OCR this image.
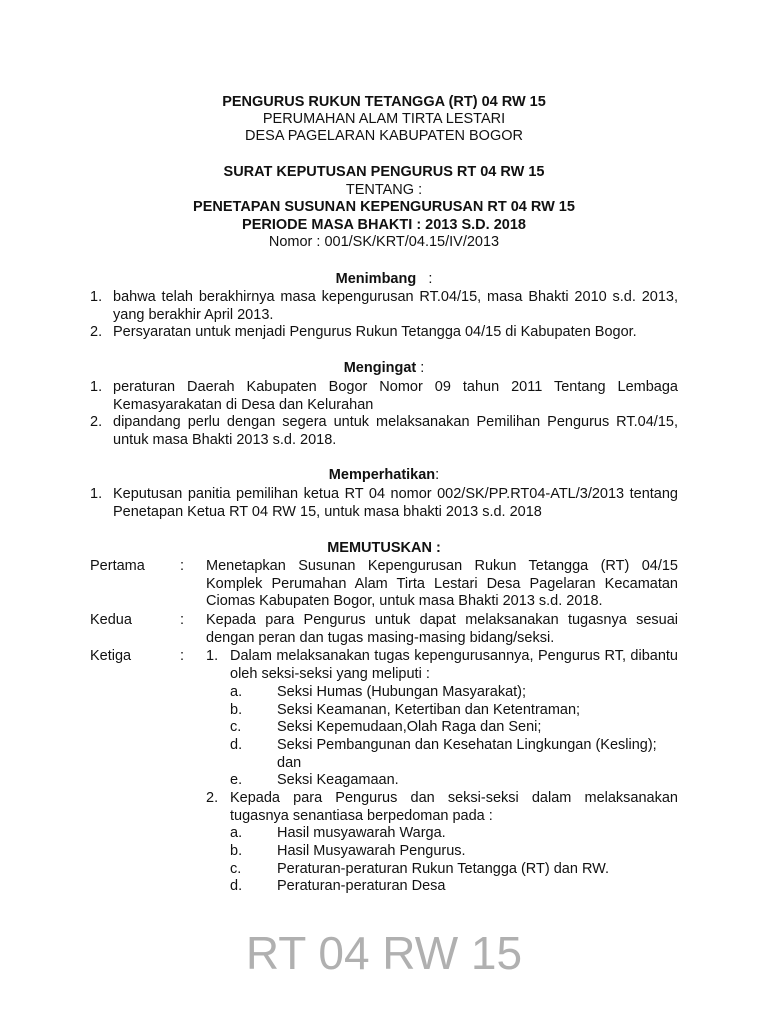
PENGURUS RUKUN TETANGGA (RT) 04 RW 15
PERUMAHAN ALAM TIRTA LESTARI
DESA PAGELARAN KABUPATEN BOGOR
SURAT KEPUTUSAN PENGURUS RT 04 RW 15
TENTANG :
PENETAPAN SUSUNAN KEPENGURUSAN RT 04 RW 15
PERIODE MASA BHAKTI : 2013 S.D. 2018
Nomor : 001/SK/KRT/04.15/IV/2013
Menimbang :
1. bahwa telah berakhirnya masa kepengurusan RT.04/15, masa Bhakti 2010 s.d. 2013, yang berakhir April 2013.
2. Persyaratan untuk menjadi Pengurus Rukun Tetangga 04/15 di Kabupaten Bogor.
Mengingat :
1. peraturan Daerah Kabupaten Bogor Nomor 09 tahun 2011 Tentang Lembaga Kemasyarakatan di Desa dan Kelurahan
2. dipandang perlu dengan segera untuk melaksanakan Pemilihan Pengurus RT.04/15, untuk masa Bhakti 2013 s.d. 2018.
Memperhatikan:
1. Keputusan panitia pemilihan ketua RT 04 nomor 002/SK/PP.RT04-ATL/3/2013 tentang Penetapan Ketua RT 04 RW 15, untuk masa bhakti 2013 s.d. 2018
MEMUTUSKAN :
Pertama : Menetapkan Susunan Kepengurusan Rukun Tetangga (RT) 04/15 Komplek Perumahan Alam Tirta Lestari Desa Pagelaran Kecamatan Ciomas Kabupaten Bogor, untuk masa Bhakti 2013 s.d. 2018.
Kedua	: Kepada para Pengurus untuk dapat melaksanakan tugasnya sesuai dengan peran dan tugas masing-masing bidang/seksi.
Ketiga	: 1. Dalam melaksanakan tugas kepengurusannya, Pengurus RT, dibantu oleh seksi-seksi yang meliputi :
a. Seksi Humas (Hubungan Masyarakat);
b. Seksi Keamanan, Ketertiban dan Ketentraman;
c. Seksi Kepemudaan,Olah Raga dan Seni;
d. Seksi Pembangunan dan Kesehatan Lingkungan (Kesling); dan
e. Seksi Keagamaan.
2. Kepada para Pengurus dan seksi-seksi dalam melaksanakan tugasnya senantiasa berpedoman pada :
a. Hasil musyawarah Warga.
b. Hasil Musyawarah Pengurus.
c. Peraturan-peraturan Rukun Tetangga (RT) dan RW.
d. Peraturan-peraturan Desa
RT 04 RW 15
